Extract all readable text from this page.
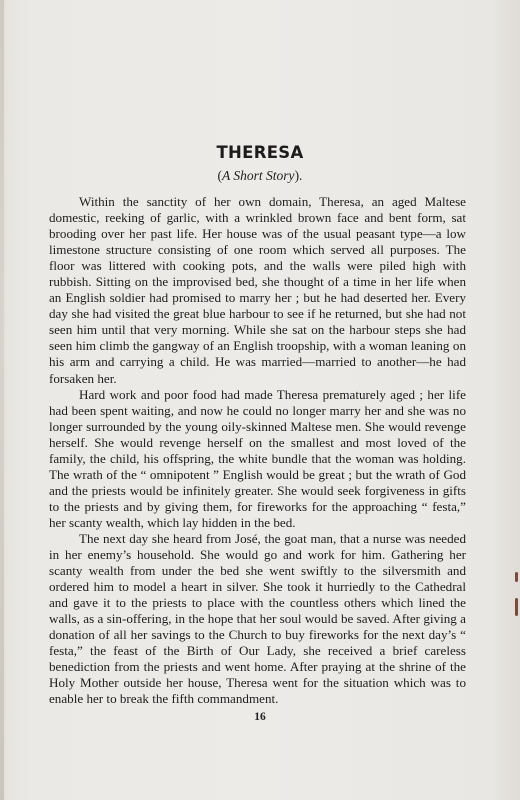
THERESA

(A Short Story).

Within the sanctity of her own domain, Theresa, an aged Maltese domestic, reeking of garlic, with a wrinkled brown face and bent form, sat brooding over her past life. Her house was of the usual peasant type—a low limestone structure consisting of one room which served all purposes. The floor was littered with cooking pots, and the walls were piled high with rubbish. Sitting on the improvised bed, she thought of a time in her life when an English soldier had promised to marry her ; but he had deserted her. Every day she had visited the great blue harbour to see if he returned, but she had not seen him until that very morning. While she sat on the harbour steps she had seen him climb the gangway of an English troopship, with a woman leaning on his arm and carrying a child. He was married—married to another—he had forsaken her.

Hard work and poor food had made Theresa prematurely aged ; her life had been spent waiting, and now he could no longer marry her and she was no longer surrounded by the young oily-skinned Maltese men. She would revenge herself. She would revenge herself on the smallest and most loved of the family, the child, his offspring, the white bundle that the woman was holding. The wrath of the “ omnipotent ” English would be great ; but the wrath of God and the priests would be infinitely greater. She would seek forgiveness in gifts to the priests and by giving them, for fireworks for the approaching “ festa,” her scanty wealth, which lay hidden in the bed.

The next day she heard from José, the goat man, that a nurse was needed in her enemy’s household. She would go and work for him. Gathering her scanty wealth from under the bed she went swiftly to the silversmith and ordered him to model a heart in silver. She took it hurriedly to the Cathedral and gave it to the priests to place with the countless others which lined the walls, as a sin-offering, in the hope that her soul would be saved. After giving a donation of all her savings to the Church to buy fireworks for the next day’s “ festa,” the feast of the Birth of Our Lady, she received a brief careless benediction from the priests and went home. After praying at the shrine of the Holy Mother outside her house, Theresa went for the situation which was to enable her to break the fifth commandment.

16
